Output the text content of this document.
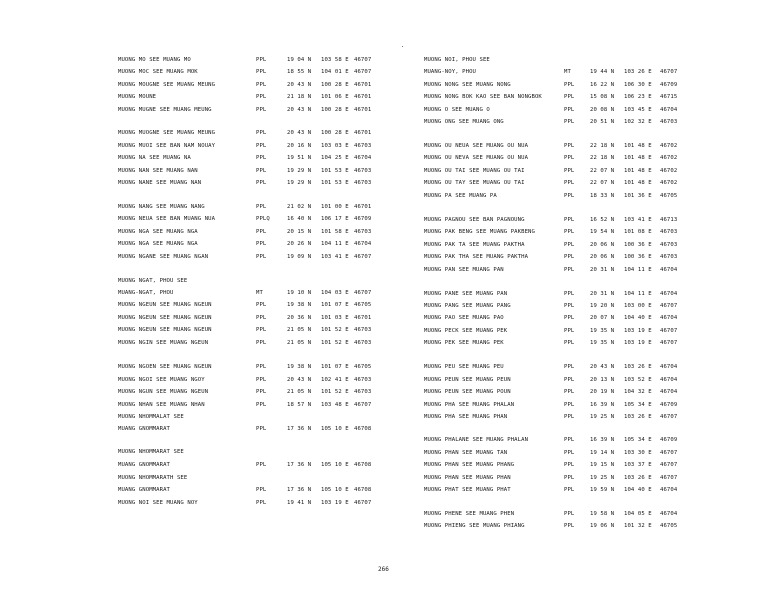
MUONG MO SEE MUANG MO	PPL	19 04 N 103 58 E 46707
MUONG MOC SEE MUANG MOK	PPL	18 55 N 104 01 E 46707
MUONG MOUGNE SEE MUANG MEUNG	PPL	20 43 N 100 28 E 46701
MUONG MOUNE	PPL	21 18 N 101 06 E 46701
MUONG MUGNE SEE MUANG MEUNG	PPL	20 43 N 100 28 E 46701
MUONG MUOGNE SEE MUANG MEUNG	PPL	20 43 N 100 28 E 46701
MUONG MUOI SEE BAN NAM NOUAY	PPL	20 16 N 103 03 E 46703
MUONG NA SEE MUANG NA	PPL	19 51 N 104 25 E 46704
MUONG NAN SEE MUANG NAN	PPL	19 29 N 101 53 E 46703
MUONG NANE SEE MUANG NAN	PPL	19 29 N 101 53 E 46703
MUONG NANG SEE MUANG NANG	PPL	21 02 N 101 00 E 46701
MUONG NEUA SEE BAN MUANG NUA	PPLQ	16 40 N 106 17 E 46709
MUONG NGA SEE MUANG NGA	PPL	20 15 N 101 58 E 46703
MUONG NGA SEE MUANG NGA	PPL	20 26 N 104 11 E 46704
MUONG NGANE SEE MUANG NGAN	PPL	19 09 N 103 41 E 46707
MUONG NGAT, PHOU SEE
MUANG-NGAT, PHOU	MT	19 10 N 104 03 E 46707
MUONG NGEUN SEE MUANG NGEUN	PPL	19 38 N 101 07 E 46705
MUONG NGEUN SEE MUANG NGEUN	PPL	20 36 N 101 03 E 46701
MUONG NGEUN SEE MUANG NGEUN	PPL	21 05 N 101 52 E 46703
MUONG NGIN SEE MUANG NGEUN	PPL	21 05 N 101 52 E 46703
MUONG NGOEN SEE MUANG NGEUN	PPL	19 38 N 101 07 E 46705
MUONG NGOI SEE MUANG NGOY	PPL	20 43 N 102 41 E 46703
MUONG NGUN SEE MUANG NGEUN	PPL	21 05 N 101 52 E 46703
MUONG NHAN SEE MUANG NHAN	PPL	18 57 N 103 48 E 46707
MUONG NHOMMALAT SEE
MUANG GNOMMARAT	PPL	17 36 N 105 10 E 46708
MUONG NHOMMARAT SEE
MUANG GNOMMARAT	PPL	17 36 N 105 10 E 46708
MUONG NHOMMARATH SEE
MUANG GNOMMARAT	PPL	17 36 N 105 10 E 46708
MUONG NOI SEE MUANG NOY	PPL	19 41 N 103 19 E 46707
MUONG NOI, PHOU SEE
MUANG-NOY, PHOU	MT	19 44 N 103 26 E 46707
MUONG NONG SEE MUANG NONG	PPL	16 22 N 106 30 E 46709
MUONG NONG BOK KAO SEE BAN NONGBOK	PPL	15 08 N 106 23 E 46715
MUONG O SEE MUANG O	PPL	20 08 N 103 45 E 46704
MUONG ONG SEE MUANG ONG	PPL	20 51 N 102 32 E 46703
MUONG OU NEUA SEE MUANG OU NUA	PPL	22 18 N 101 48 E 46702
MUONG OU NEVA SEE MUANG OU NUA	PPL	22 18 N 101 48 E 46702
MUONG OU TAI SEE MUANG OU TAI	PPL	22 07 N 101 48 E 46702
MUONG OU TAY SEE MUANG OU TAI	PPL	22 07 N 101 48 E 46702
MUONG PA SEE MUANG PA	PPL	18 33 N 101 36 E 46705
MUONG PAGNOU SEE BAN PAGNOUNG	PPL	16 52 N 103 41 E 46713
MUONG PAK BENG SEE MUANG PAKBENG	PPL	19 54 N 101 08 E 46703
MUONG PAK TA SEE MUANG PAKTHA	PPL	20 06 N 100 36 E 46703
MUONG PAK THA SEE MUANG PAKTHA	PPL	20 06 N 100 36 E 46703
MUONG PAN SEE MUANG PAN	PPL	20 31 N 104 11 E 46704
MUONG PANE SEE MUANG PAN	PPL	20 31 N 104 11 E 46704
MUONG PANG SEE MUANG PANG	PPL	19 20 N 103 00 E 46707
MUONG PAO SEE MUANG PAO	PPL	20 07 N 104 40 E 46704
MUONG PECK SEE MUANG PEK	PPL	19 35 N 103 19 E 46707
MUONG PEK SEE MUANG PEK	PPL	19 35 N 103 19 E 46707
MUONG PEU SEE MUANG PEU	PPL	20 43 N 103 26 E 46704
MUONG PEUN SEE MUANG PEUN	PPL	20 13 N 103 52 E 46704
MUONG PEUN SEE MUANG POUN	PPL	20 19 N 104 32 E 46704
MUONG PHA SEE MUANG PHALAN	PPL	16 39 N 105 34 E 46709
MUONG PHA SEE MUANG PHAN	PPL	19 25 N 103 26 E 46707
MUONG PHALANE SEE MUANG PHALAN	PPL	16 39 N 105 34 E 46709
MUONG PHAN SEE MUANG TAN	PPL	19 14 N 103 30 E 46707
MUONG PHAN SEE MUANG PHANG	PPL	19 15 N 103 37 E 46707
MUONG PHAN SEE MUANG PHAN	PPL	19 25 N 103 26 E 46707
MUONG PHAT SEE MUANG PHAT	PPL	19 59 N 104 40 E 46704
MUONG PHENE SEE MUANG PHEN	PPL	19 58 N 104 05 E 46704
MUONG PHIENG SEE MUANG PHIANG	PPL	19 06 N 101 32 E 46705
266
